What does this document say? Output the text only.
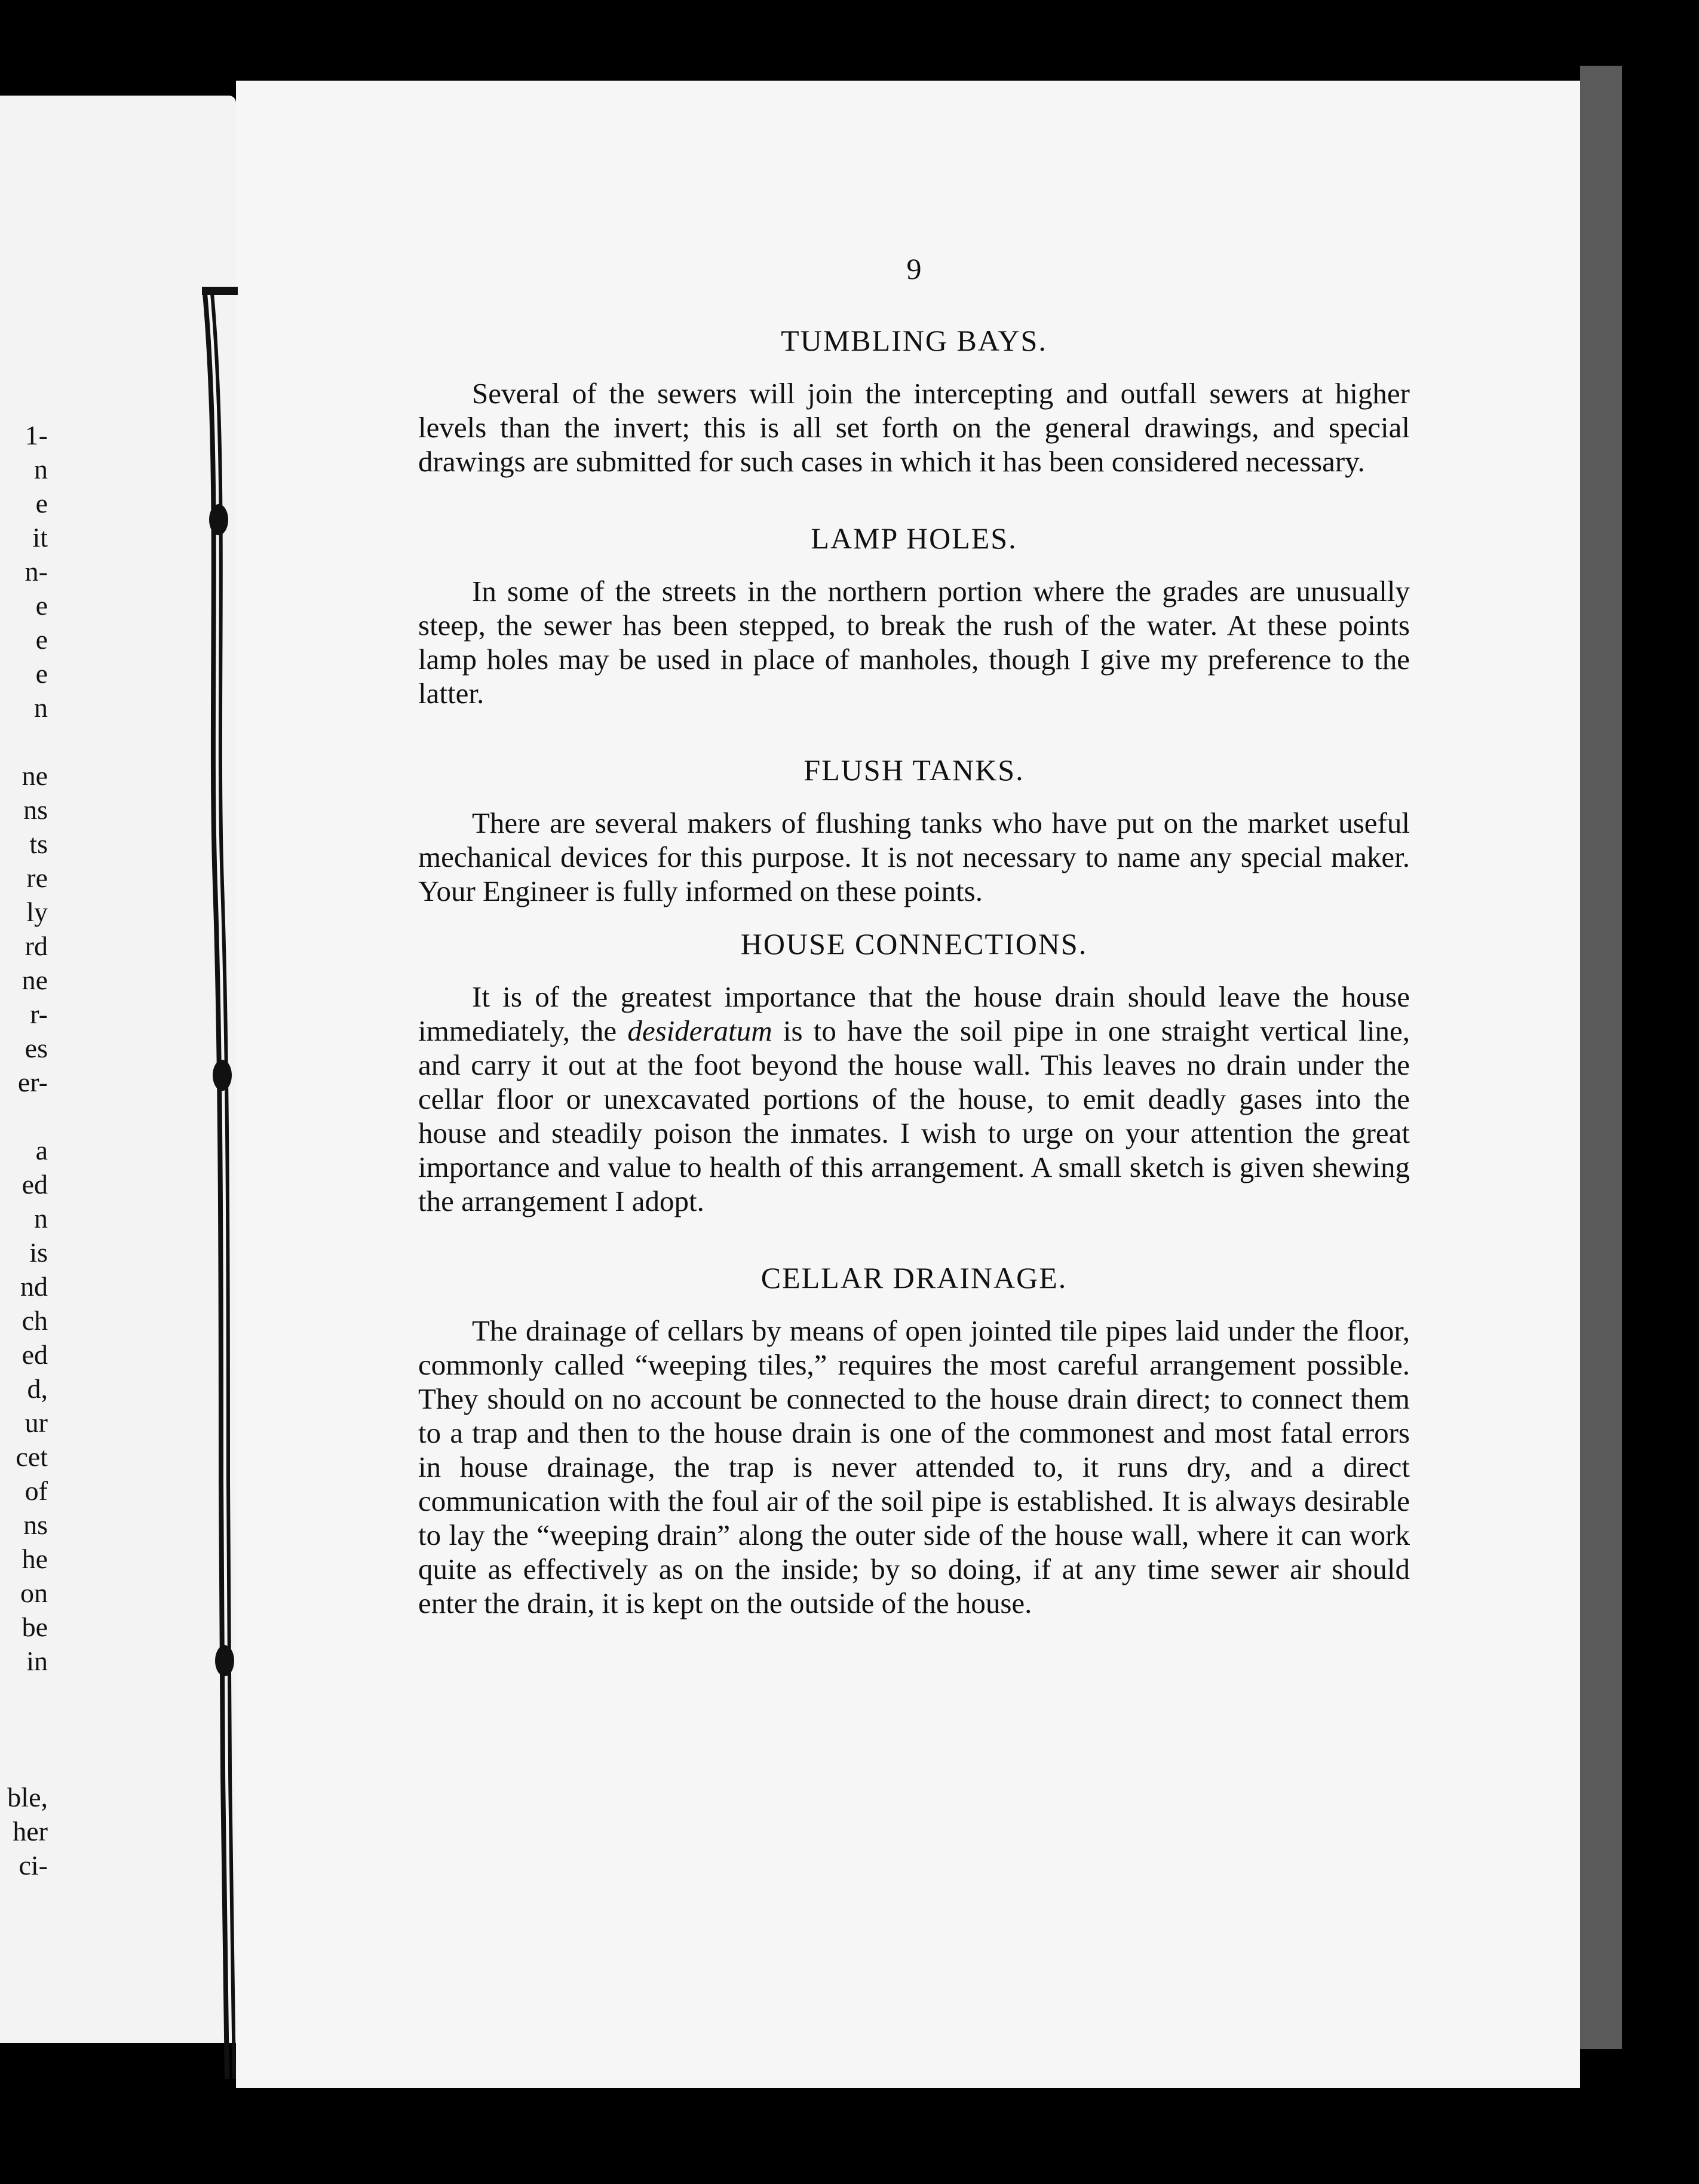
1-
n
e
it
n-
e
e
e
n
ne
ns
ts
re
ly
rd
ne
r-
es
er-
a
ed
n
is
nd
ch
ed
d,
ur
cet
of
ns
he
on
be
in
ble,
her
ci-
9
TUMBLING BAYS.

Several of the sewers will join the intercepting and outfall sewers at higher levels than the invert; this is all set forth on the general drawings, and special drawings are submitted for such cases in which it has been considered necessary.

LAMP HOLES.

In some of the streets in the northern portion where the grades are unusually steep, the sewer has been stepped, to break the rush of the water. At these points lamp holes may be used in place of manholes, though I give my preference to the latter.

FLUSH TANKS.

There are several makers of flushing tanks who have put on the market useful mechanical devices for this purpose. It is not necessary to name any special maker. Your Engineer is fully informed on these points.

HOUSE CONNECTIONS.

It is of the greatest importance that the house drain should leave the house immediately, the desideratum is to have the soil pipe in one straight vertical line, and carry it out at the foot beyond the house wall. This leaves no drain under the cellar floor or unexcavated portions of the house, to emit deadly gases into the house and steadily poison the inmates. I wish to urge on your attention the great importance and value to health of this arrangement. A small sketch is given shewing the arrangement I adopt.

CELLAR DRAINAGE.

The drainage of cellars by means of open jointed tile pipes laid under the floor, commonly called “weeping tiles,” requires the most careful arrangement possible. They should on no account be connected to the house drain direct; to connect them to a trap and then to the house drain is one of the commonest and most fatal errors in house drainage, the trap is never attended to, it runs dry, and a direct communication with the foul air of the soil pipe is established. It is always desirable to lay the “weeping drain” along the outer side of the house wall, where it can work quite as effectively as on the inside; by so doing, if at any time sewer air should enter the drain, it is kept on the outside of the house.
